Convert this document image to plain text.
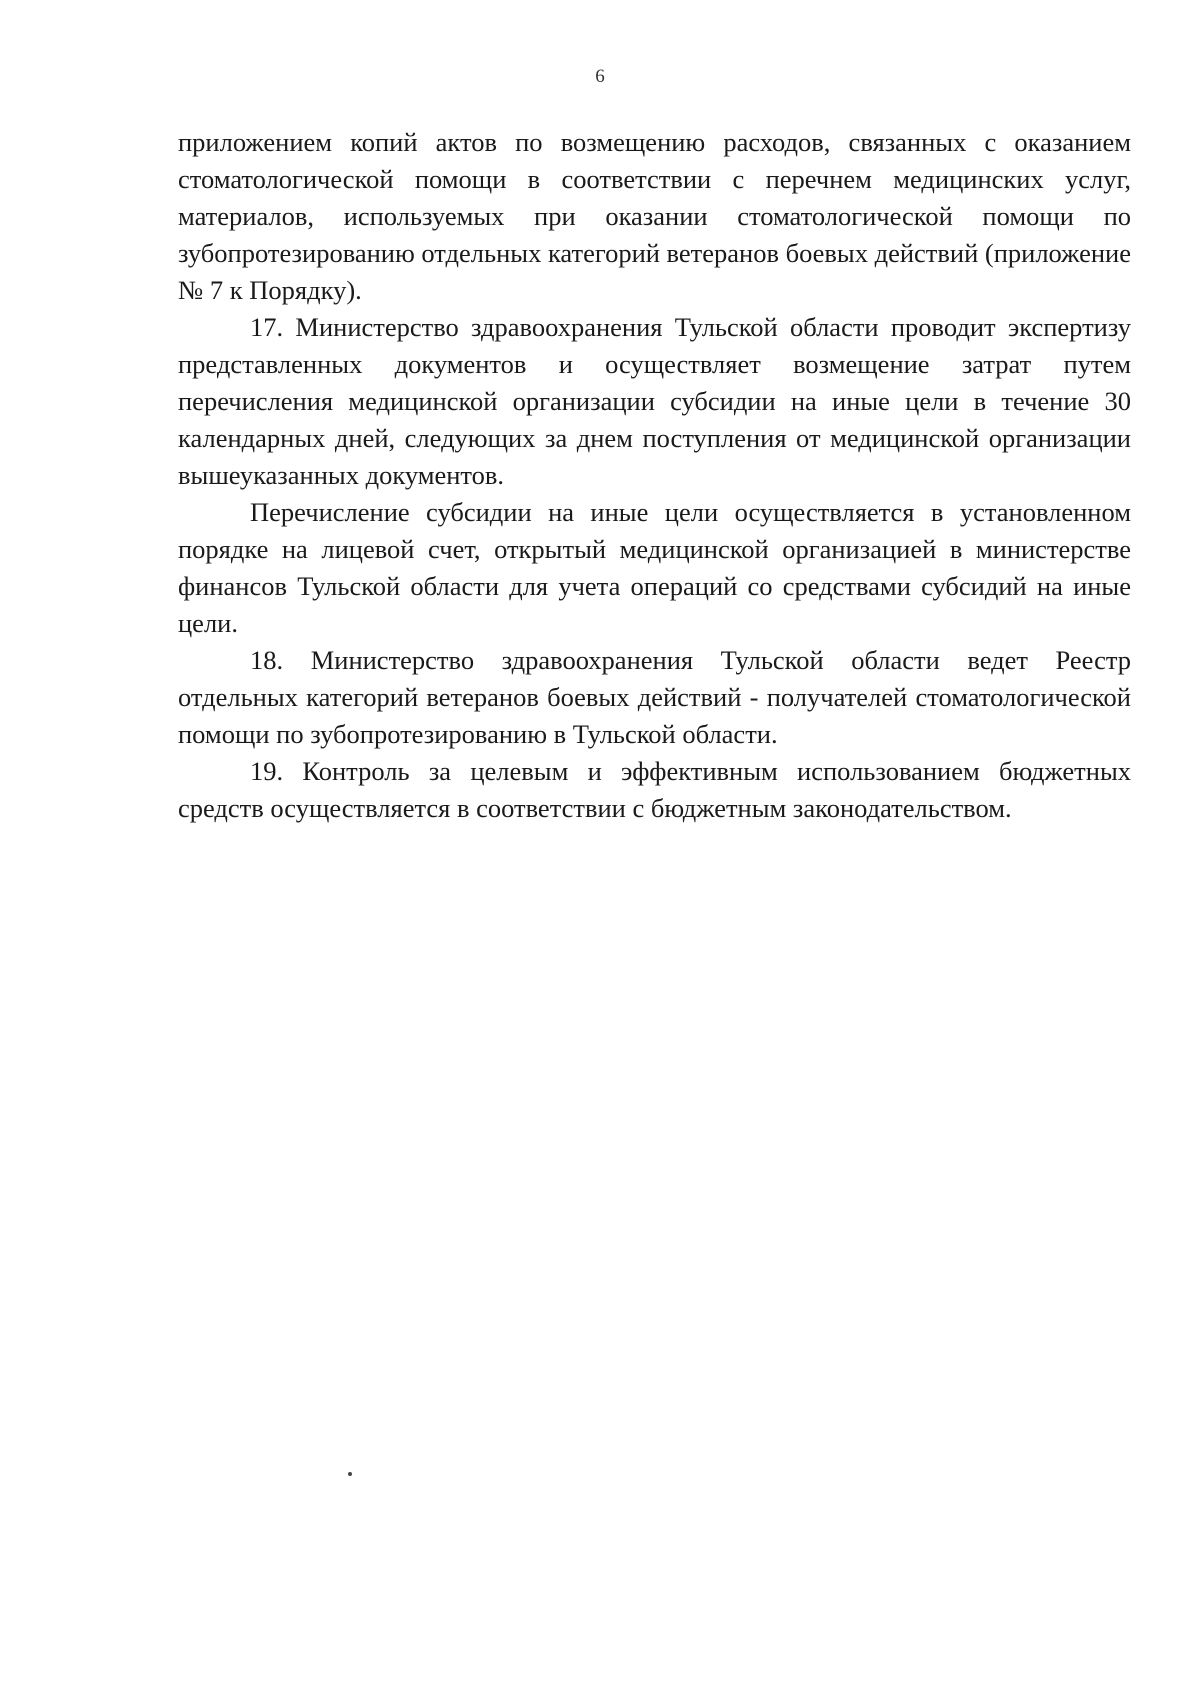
6

приложением копий актов по возмещению расходов, связанных с оказанием стоматологической помощи в соответствии с перечнем медицинских услуг, материалов, используемых при оказании стоматологической помощи по зубопротезированию отдельных категорий ветеранов боевых действий (приложение № 7 к Порядку).

17. Министерство здравоохранения Тульской области проводит экспертизу представленных документов и осуществляет возмещение затрат путем перечисления медицинской организации субсидии на иные цели в течение 30 календарных дней, следующих за днем поступления от медицинской организации вышеуказанных документов.

Перечисление субсидии на иные цели осуществляется в установленном порядке на лицевой счет, открытый медицинской организацией в министерстве финансов Тульской области для учета операций со средствами субсидий на иные цели.

18. Министерство здравоохранения Тульской области ведет Реестр отдельных категорий ветеранов боевых действий - получателей стоматологической помощи по зубопротезированию в Тульской области.

19. Контроль за целевым и эффективным использованием бюджетных средств осуществляется в соответствии с бюджетным законодательством.
